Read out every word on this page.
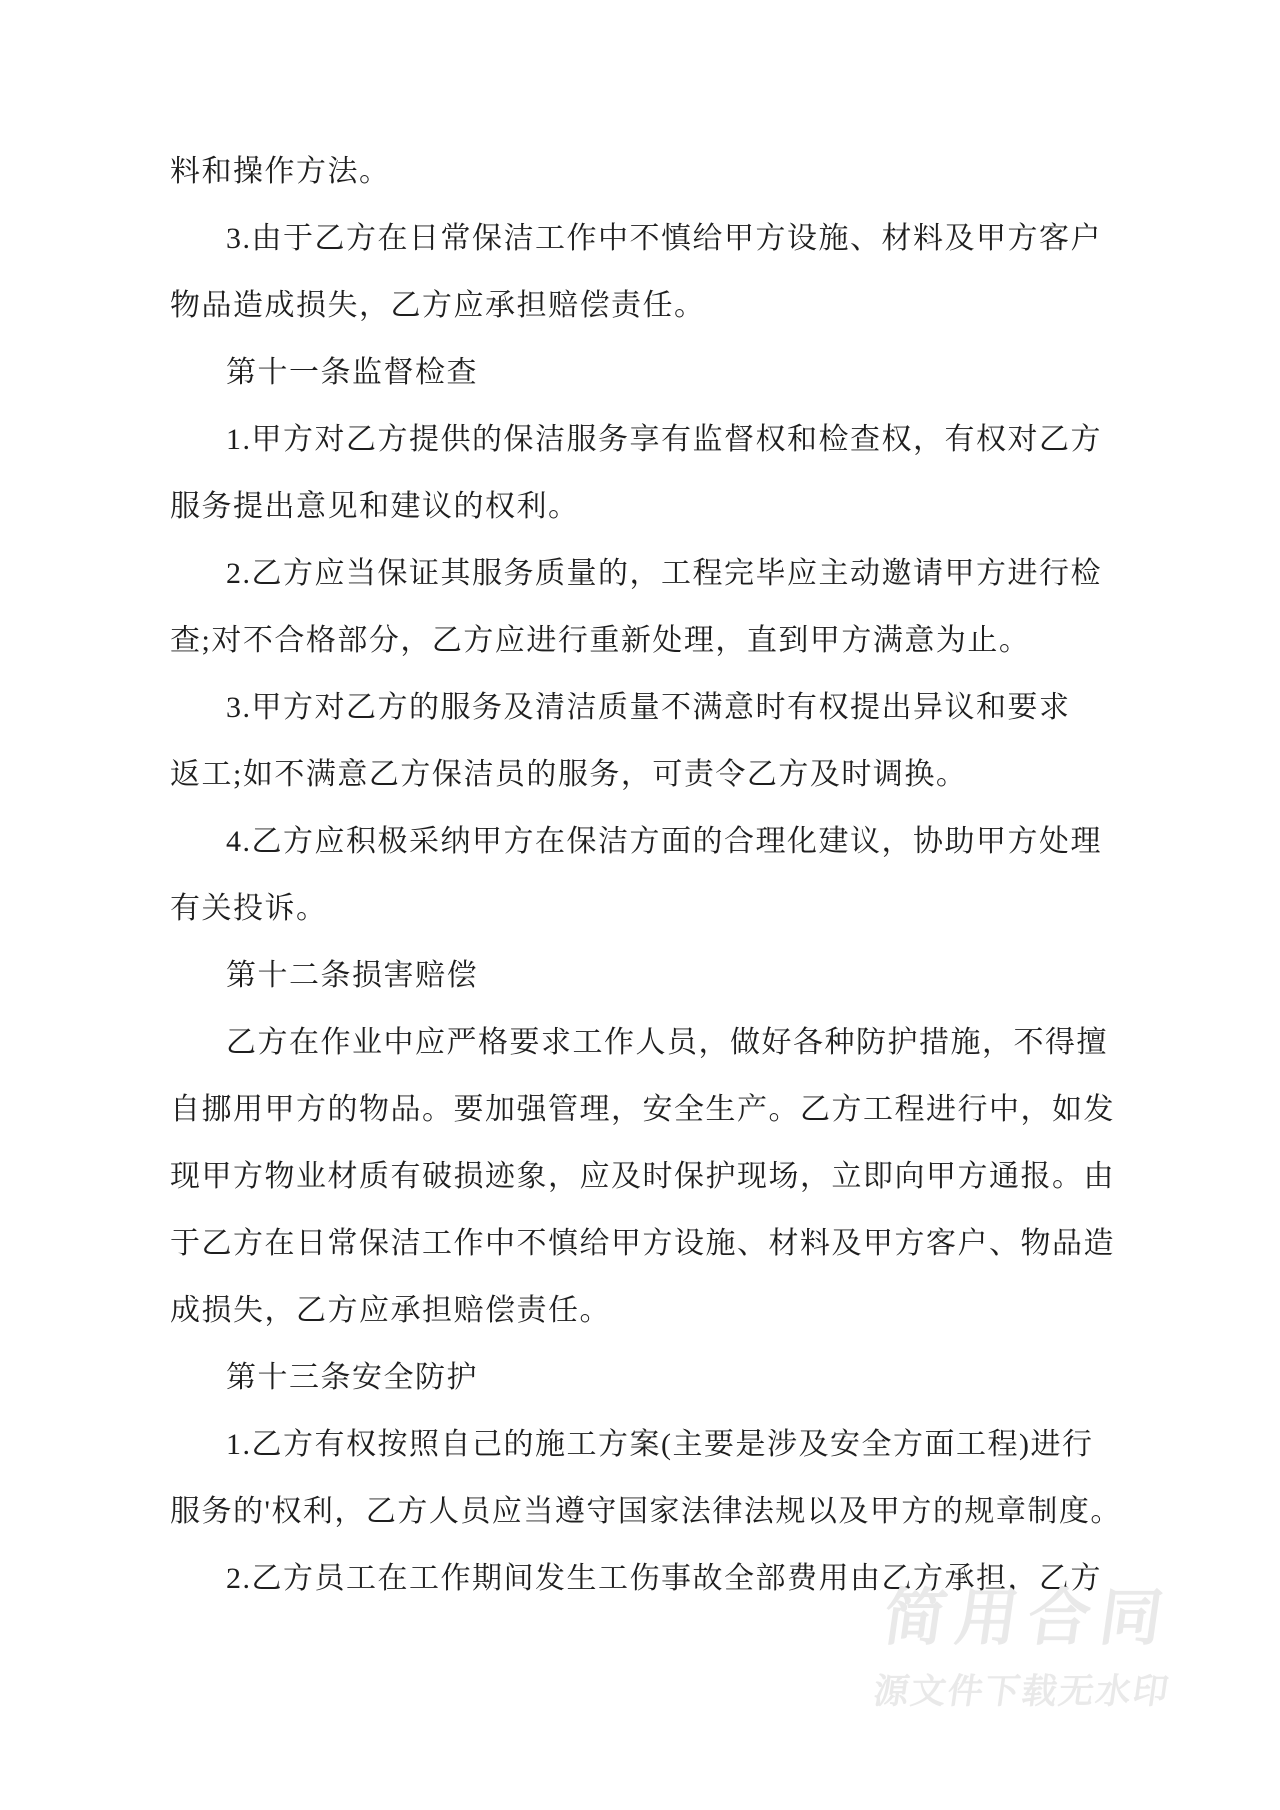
料和操作方法。
3.由于乙方在日常保洁工作中不慎给甲方设施、材料及甲方客户
物品造成损失，乙方应承担赔偿责任。
第十一条监督检查
1.甲方对乙方提供的保洁服务享有监督权和检查权，有权对乙方
服务提出意见和建议的权利。
2.乙方应当保证其服务质量的，工程完毕应主动邀请甲方进行检
查;对不合格部分，乙方应进行重新处理，直到甲方满意为止。
3.甲方对乙方的服务及清洁质量不满意时有权提出异议和要求
返工;如不满意乙方保洁员的服务，可责令乙方及时调换。
4.乙方应积极采纳甲方在保洁方面的合理化建议，协助甲方处理
有关投诉。
第十二条损害赔偿
乙方在作业中应严格要求工作人员，做好各种防护措施，不得擅
自挪用甲方的物品。要加强管理，安全生产。乙方工程进行中，如发
现甲方物业材质有破损迹象，应及时保护现场，立即向甲方通报。由
于乙方在日常保洁工作中不慎给甲方设施、材料及甲方客户、物品造
成损失，乙方应承担赔偿责任。
第十三条安全防护
1.乙方有权按照自己的施工方案(主要是涉及安全方面工程)进行
服务的'权利，乙方人员应当遵守国家法律法规以及甲方的规章制度。
2.乙方员工在工作期间发生工伤事故全部费用由乙方承担，乙方
简用合同
源文件下载无水印
